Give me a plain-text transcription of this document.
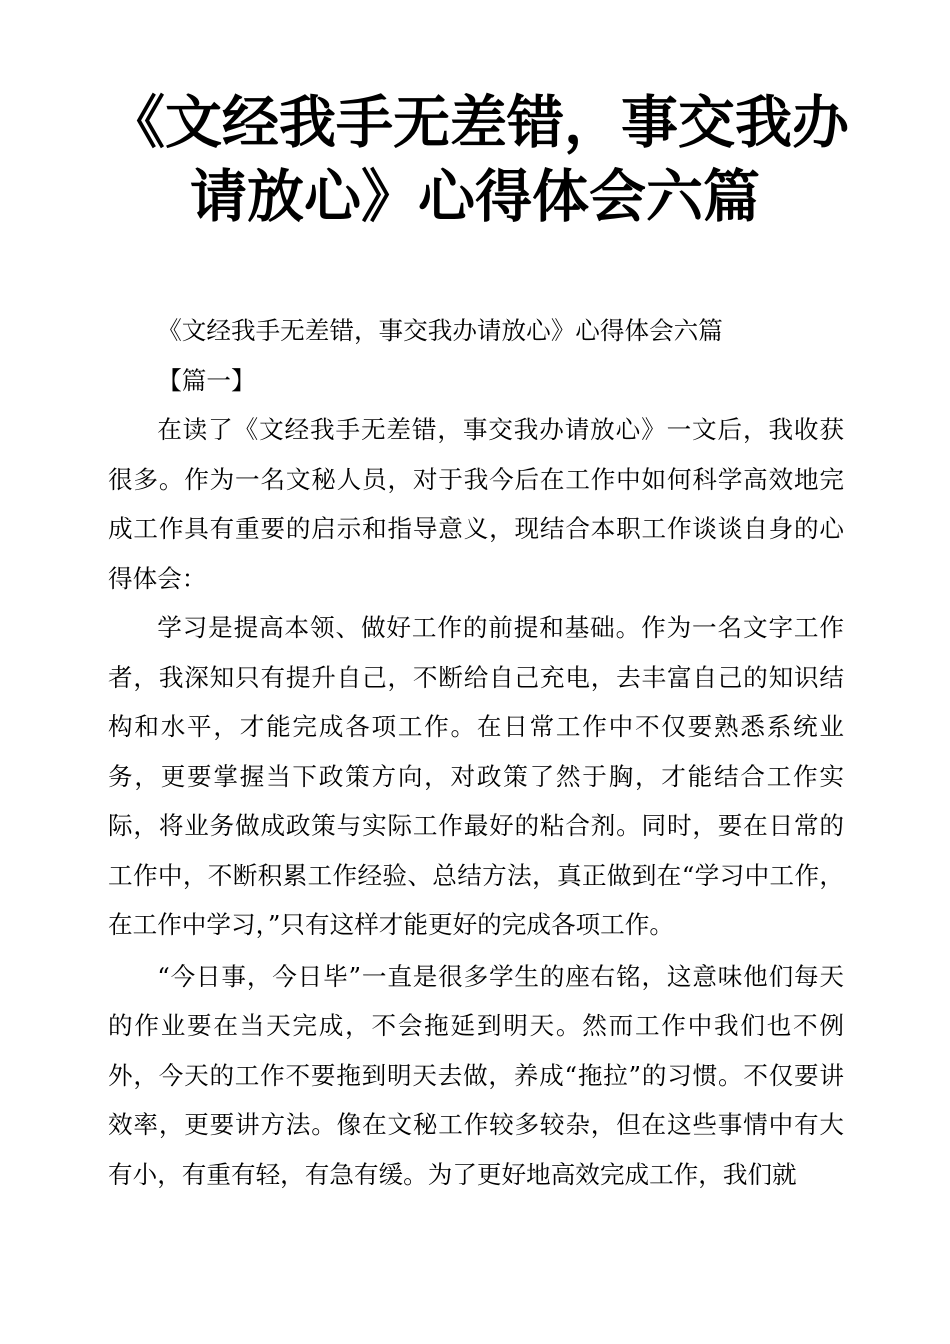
《文经我手无差错，事交我办
请放心》心得体会六篇

《文经我手无差错，事交我办请放心》心得体会六篇

【篇一】

在读了《文经我手无差错，事交我办请放心》一文后，我收获很多。作为一名文秘人员，对于我今后在工作中如何科学高效地完成工作具有重要的启示和指导意义，现结合本职工作谈谈自身的心得体会：

学习是提高本领、做好工作的前提和基础。作为一名文字工作者，我深知只有提升自己，不断给自己充电，去丰富自己的知识结构和水平，才能完成各项工作。在日常工作中不仅要熟悉系统业务，更要掌握当下政策方向，对政策了然于胸，才能结合工作实际，将业务做成政策与实际工作最好的粘合剂。同时，要在日常的工作中，不断积累工作经验、总结方法，真正做到在“学习中工作，在工作中学习，”只有这样才能更好的完成各项工作。

“今日事，今日毕”一直是很多学生的座右铭，这意味他们每天的作业要在当天完成，不会拖延到明天。然而工作中我们也不例外，今天的工作不要拖到明天去做，养成“拖拉”的习惯。不仅要讲效率，更要讲方法。像在文秘工作较多较杂，但在这些事情中有大有小，有重有轻，有急有缓。为了更好地高效完成工作，我们就
